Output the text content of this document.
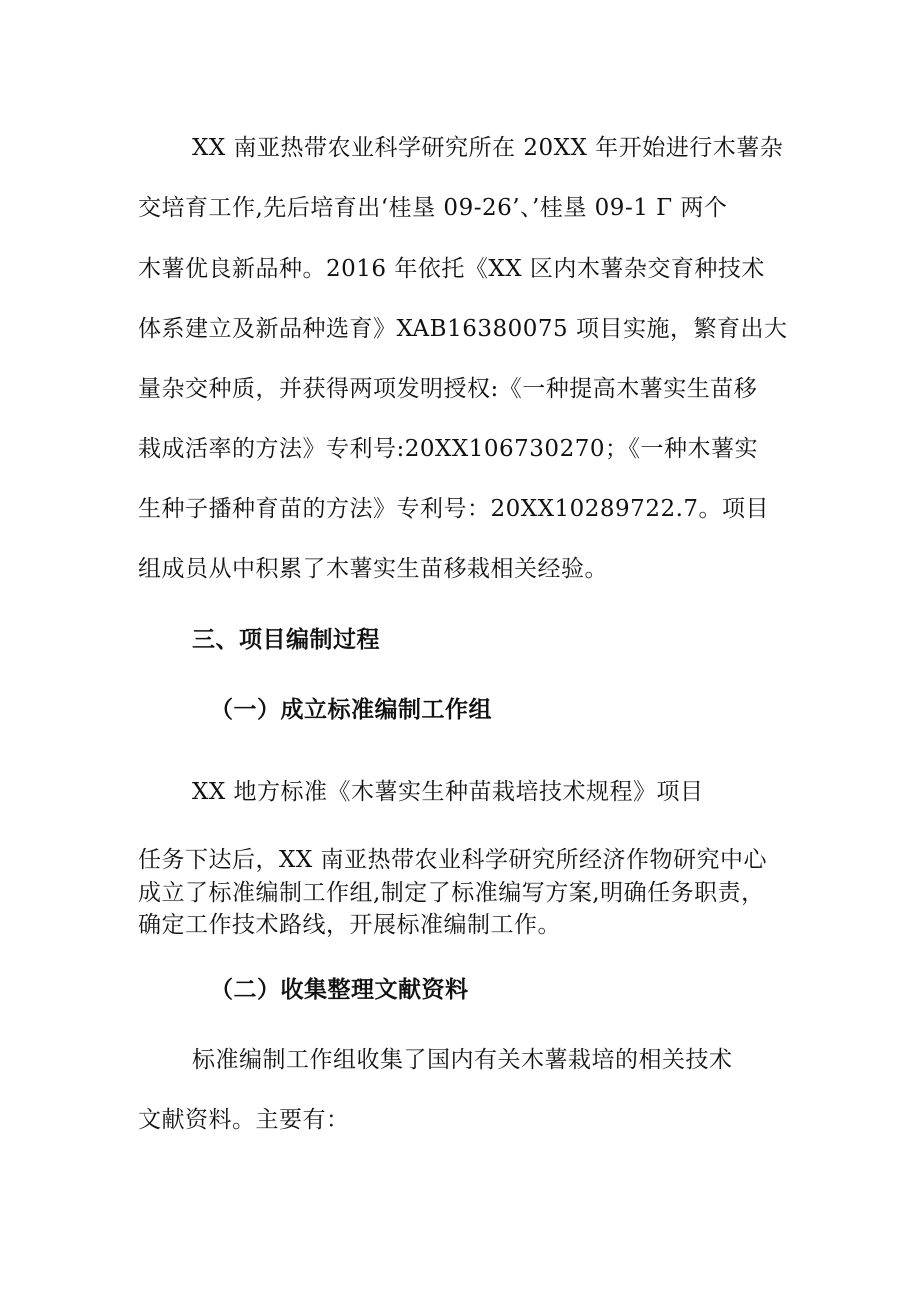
XX 南亚热带农业科学研究所在 20XX 年开始进行木薯杂
交培育工作,先后培育出‘桂垦 09-26’、’桂垦 09-1 Γ 两个
木薯优良新品种。2016 年依托《XX 区内木薯杂交育种技术
体系建立及新品种选育》XAB16380075 项目实施，繁育出大
量杂交种质，并获得两项发明授权:《一种提高木薯实生苗移
栽成活率的方法》专利号:20XX106730270；《一种木薯实
生种子播种育苗的方法》专利号：20XX10289722.7。项目
组成员从中积累了木薯实生苗移栽相关经验。
三、项目编制过程
（一）成立标准编制工作组
XX 地方标准《木薯实生种苗栽培技术规程》项目
任务下达后，XX 南亚热带农业科学研究所经济作物研究中心
成立了标准编制工作组,制定了标准编写方案,明确任务职责，
确定工作技术路线，开展标准编制工作。
（二）收集整理文献资料
标准编制工作组收集了国内有关木薯栽培的相关技术
文献资料。主要有：
